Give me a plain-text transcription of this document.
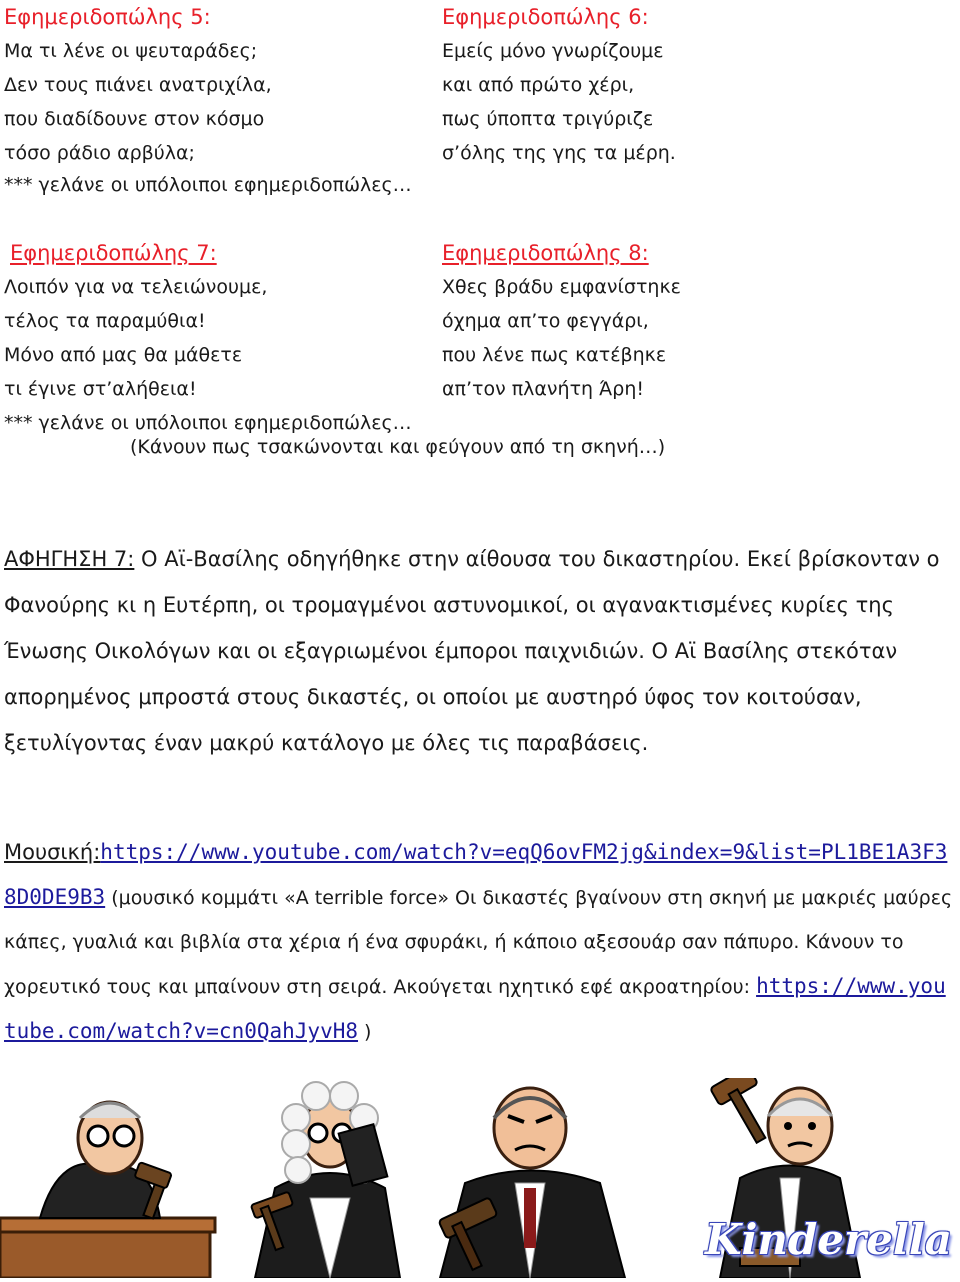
Εφημεριδοπώλης 5:
Μα τι λένε οι ψευταράδες;
Δεν τους πιάνει ανατριχίλα,
που διαδίδουνε στον κόσμο
τόσο ράδιο αρβύλα;
Εφημεριδοπώλης 6:
Εμείς μόνο γνωρίζουμε
και από πρώτο χέρι,
πως ύποπτα τριγύριζε
σ’όλης της γης τα μέρη.
*** γελάνε οι υπόλοιποι εφημεριδοπώλες…
Εφημεριδοπώλης 7:
Λοιπόν για να τελειώνουμε,
τέλος τα παραμύθια!
Μόνο από μας θα μάθετε
τι έγινε στ’αλήθεια!
Εφημεριδοπώλης 8:
Χθες βράδυ εμφανίστηκε
όχημα απ’το φεγγάρι,
που λένε πως κατέβηκε
απ’τον πλανήτη Άρη!
*** γελάνε οι υπόλοιποι εφημεριδοπώλες…
(Κάνουν πως τσακώνονται και φεύγουν από τη σκηνή…)
ΑΦΗΓΗΣΗ 7: Ο Αϊ-Βασίλης οδηγήθηκε στην αίθουσα του δικαστηρίου. Εκεί βρίσκονταν ο Φανούρης κι η Ευτέρπη, οι τρομαγμένοι αστυνομικοί, οι αγανακτισμένες κυρίες της Ένωσης Οικολόγων και οι εξαγριωμένοι έμποροι παιχνιδιών. Ο Αϊ Βασίλης στεκόταν απορημένος μπροστά στους δικαστές, οι οποίοι με αυστηρό ύφος τον κοιτούσαν, ξετυλίγοντας έναν μακρύ κατάλογο με όλες τις παραβάσεις.
Μουσική:https://www.youtube.com/watch?v=eqQ6ovFM2jg&index=9&list=PL1BE1A3F38D0DE9B3 (μουσικό κομμάτι «A terrible force» Οι δικαστές βγαίνουν στη σκηνή με μακριές μαύρες κάπες, γυαλιά και βιβλία στα χέρια ή ένα σφυράκι, ή κάποιο αξεσουάρ σαν πάπυρο. Κάνουν το χορευτικό τους και μπαίνουν στη σειρά. Ακούγεται ηχητικό εφέ ακροατηρίου: https://www.youtube.com/watch?v=cn0QahJyvH8 )
Kinderella
